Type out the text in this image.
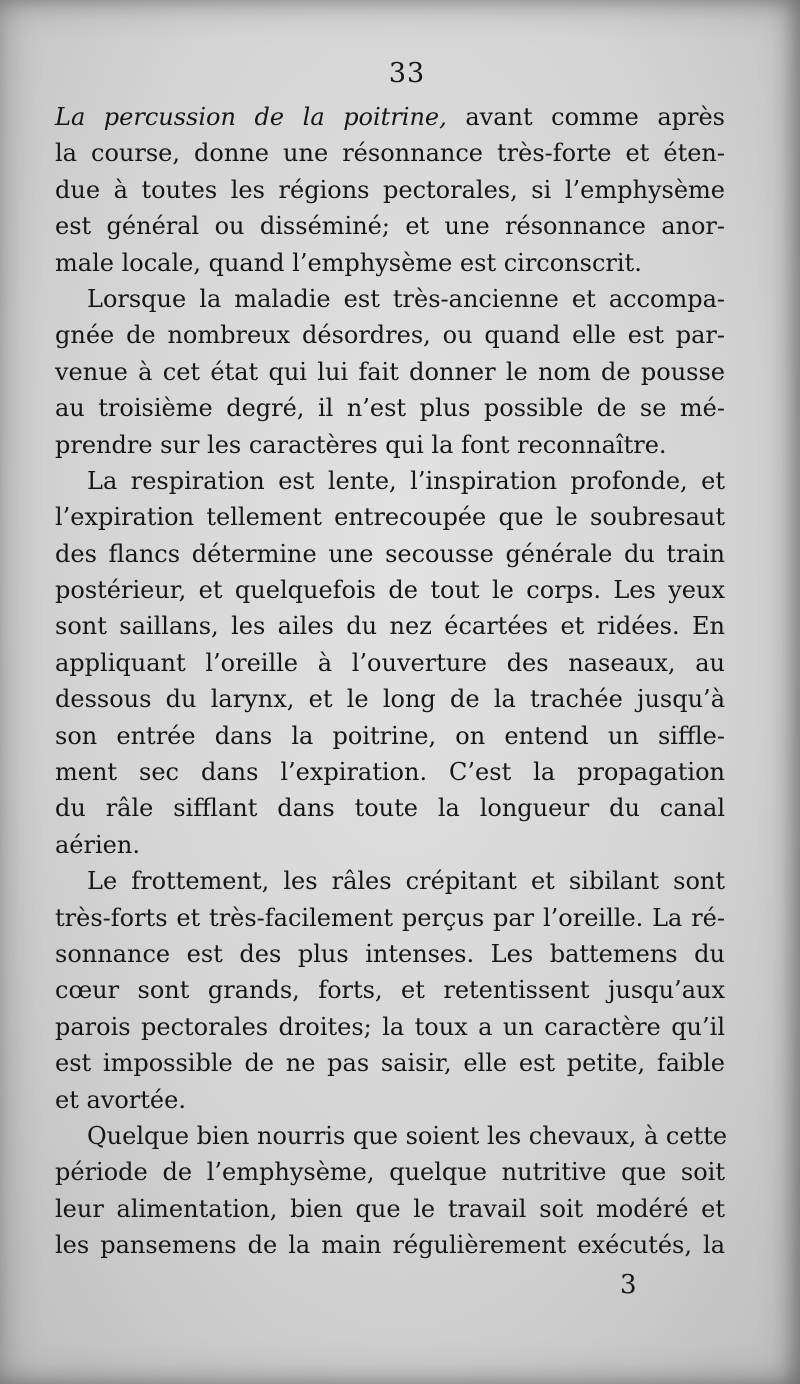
33
La percussion de la poitrine, avant comme après
la course, donne une résonnance très-forte et éten-
due à toutes les régions pectorales, si l’emphysème
est général ou disséminé; et une résonnance anor-
male locale, quand l’emphysème est circonscrit.
Lorsque la maladie est très-ancienne et accompa-
gnée de nombreux désordres, ou quand elle est par-
venue à cet état qui lui fait donner le nom de pousse
au troisième degré, il n’est plus possible de se mé-
prendre sur les caractères qui la font reconnaître.
La respiration est lente, l’inspiration profonde, et
l’expiration tellement entrecoupée que le soubresaut
des flancs détermine une secousse générale du train
postérieur, et quelquefois de tout le corps. Les yeux
sont saillans, les ailes du nez écartées et ridées. En
appliquant l’oreille à l’ouverture des naseaux, au
dessous du larynx, et le long de la trachée jusqu’à
son entrée dans la poitrine, on entend un siffle-
ment sec dans l’expiration. C’est la propagation
du râle sifflant dans toute la longueur du canal
aérien.
Le frottement, les râles crépitant et sibilant sont
très-forts et très-facilement perçus par l’oreille. La ré-
sonnance est des plus intenses. Les battemens du
cœur sont grands, forts, et retentissent jusqu’aux
parois pectorales droites; la toux a un caractère qu’il
est impossible de ne pas saisir, elle est petite, faible
et avortée.
Quelque bien nourris que soient les chevaux, à cette
période de l’emphysème, quelque nutritive que soit
leur alimentation, bien que le travail soit modéré et
les pansemens de la main régulièrement exécutés, la
3
